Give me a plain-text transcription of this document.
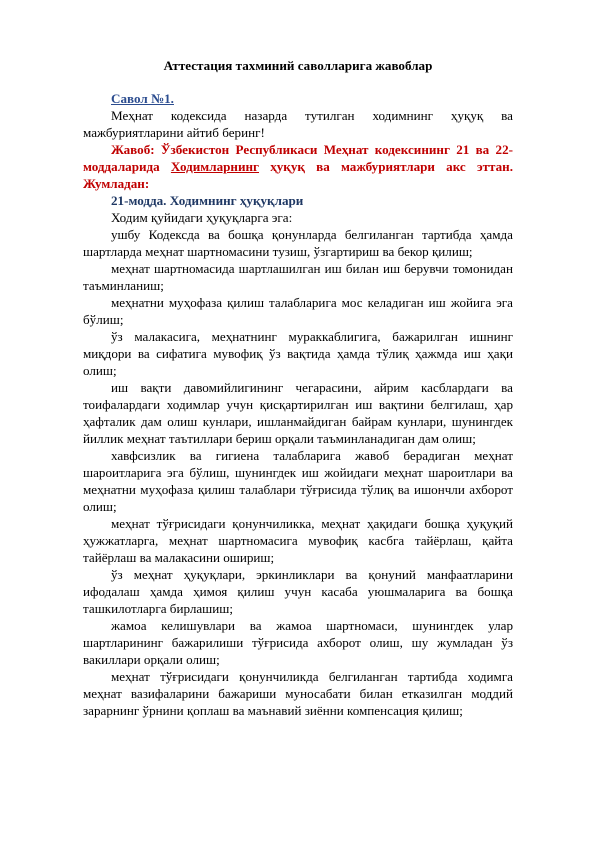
Аттестация тахминий саволларига жавоблар

Савол №1.

Меҳнат кодексида назарда тутилган ходимнинг ҳуқуқ ва мажбуриятларини айтиб беринг!

Жавоб: Ўзбекистон Республикаси Меҳнат кодексининг 21 ва 22-моддаларида Ходимларнинг ҳуқуқ ва мажбуриятлари акс эттан. Жумладан:

21-модда. Ходимнинг ҳуқуқлари

Ходим қуйидаги ҳуқуқларга эга:

ушбу Кодексда ва бошқа қонунларда белгиланган тартибда ҳамда шартларда меҳнат шартномасини тузиш, ўзгартириш ва бекор қилиш;

меҳнат шартномасида шартлашилган иш билан иш берувчи томонидан таъминланиш;

меҳнатни муҳофаза қилиш талабларига мос келадиган иш жойига эга бўлиш;

ўз малакасига, меҳнатнинг мураккаблигига, бажарилган ишнинг миқдори ва сифатига мувофиқ ўз вақтида ҳамда тўлиқ ҳажмда иш ҳақи олиш;

иш вақти давомийлигининг чегарасини, айрим касблардаги ва тоифалардаги ходимлар учун қисқартирилган иш вақтини белгилаш, ҳар ҳафталик дам олиш кунлари, ишланмайдиган байрам кунлари, шунингдек йиллик меҳнат таътиллари бериш орқали таъминланадиган дам олиш;

хавфсизлик ва гигиена талабларига жавоб берадиган меҳнат шароитларига эга бўлиш, шунингдек иш жойидаги меҳнат шароитлари ва меҳнатни муҳофаза қилиш талаблари тўғрисида тўлиқ ва ишончли ахборот олиш;

меҳнат тўғрисидаги қонунчиликка, меҳнат ҳақидаги бошқа ҳуқуқий ҳужжатларга, меҳнат шартномасига мувофиқ касбга тайёрлаш, қайта тайёрлаш ва малакасини ошириш;

ўз меҳнат ҳуқуқлари, эркинликлари ва қонуний манфаатларини ифодалаш ҳамда ҳимоя қилиш учун касаба уюшмаларига ва бошқа ташкилотларга бирлашиш;

жамоа келишувлари ва жамоа шартномаси, шунингдек улар шартларининг бажарилиши тўғрисида ахборот олиш, шу жумладан ўз вакиллари орқали олиш;

меҳнат тўғрисидаги қонунчиликда белгиланган тартибда ходимга меҳнат вазифаларини бажариши муносабати билан етказилган моддий зарарнинг ўрнини қоплаш ва маънавий зиённи компенсация қилиш;
